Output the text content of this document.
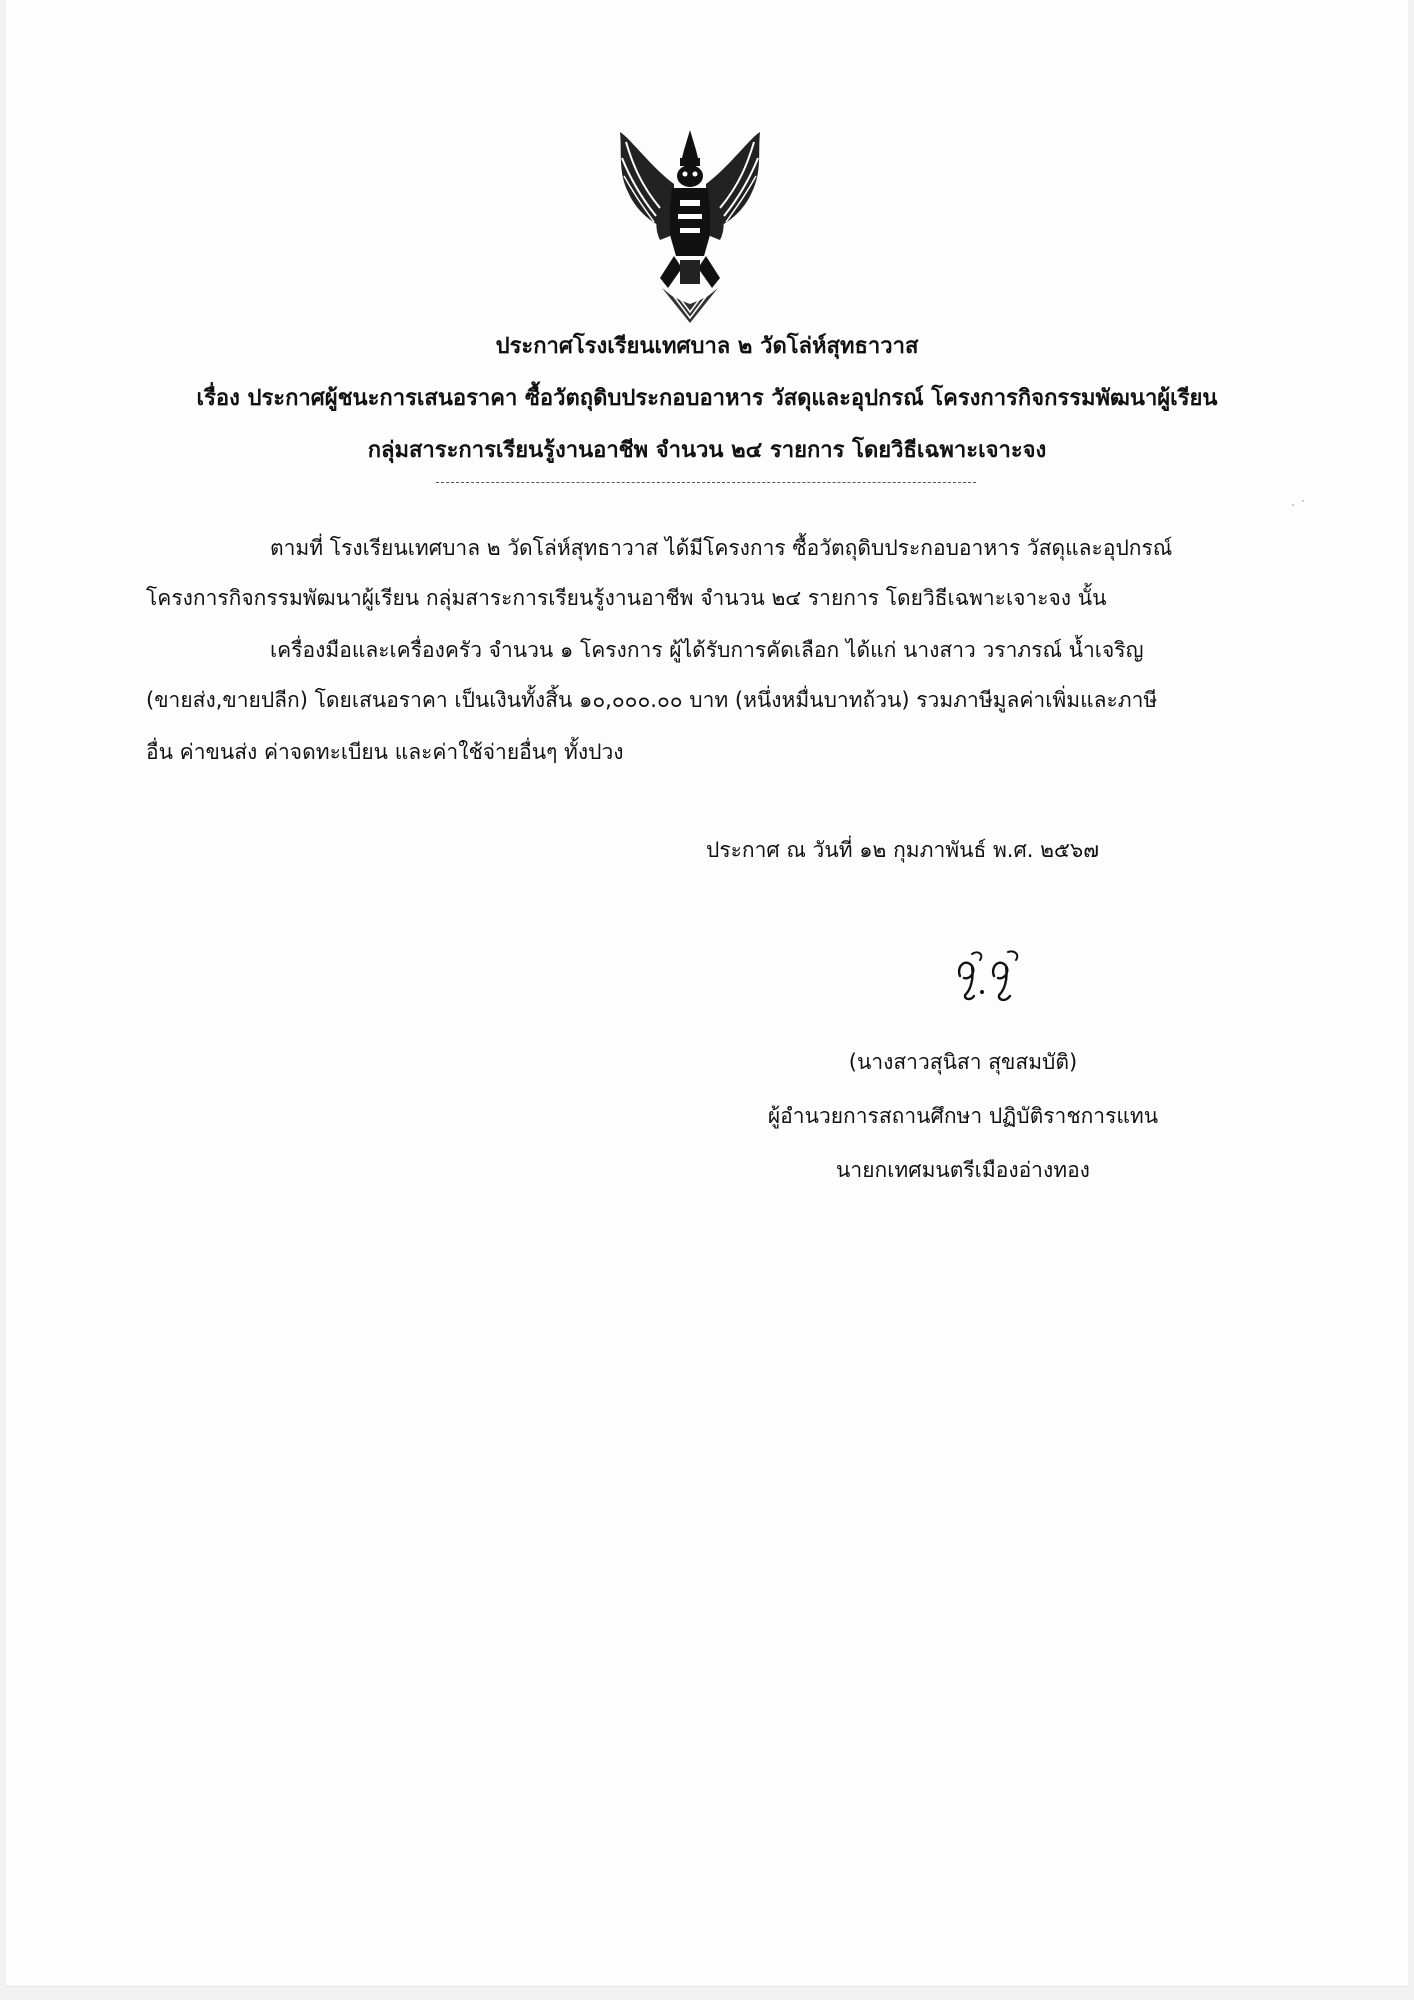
ประกาศโรงเรียนเทศบาล ๒ วัดโล่ห์สุทธาวาส
เรื่อง ประกาศผู้ชนะการเสนอราคา ซื้อวัตถุดิบประกอบอาหาร วัสดุและอุปกรณ์ โครงการกิจกรรมพัฒนาผู้เรียน
กลุ่มสาระการเรียนรู้งานอาชีพ จำนวน ๒๔ รายการ โดยวิธีเฉพาะเจาะจง
ตามที่ โรงเรียนเทศบาล ๒ วัดโล่ห์สุทธาวาส ได้มีโครงการ ซื้อวัตถุดิบประกอบอาหาร วัสดุและอุปกรณ์
โครงการกิจกรรมพัฒนาผู้เรียน กลุ่มสาระการเรียนรู้งานอาชีพ จำนวน ๒๔ รายการ โดยวิธีเฉพาะเจาะจง นั้น
เครื่องมือและเครื่องครัว จำนวน ๑ โครงการ ผู้ได้รับการคัดเลือก ได้แก่ นางสาว วราภรณ์ น้ำเจริญ
(ขายส่ง,ขายปลีก) โดยเสนอราคา เป็นเงินทั้งสิ้น ๑๐,๐๐๐.๐๐ บาท (หนึ่งหมื่นบาทถ้วน) รวมภาษีมูลค่าเพิ่มและภาษี
อื่น ค่าขนส่ง ค่าจดทะเบียน และค่าใช้จ่ายอื่นๆ ทั้งปวง
ประกาศ ณ วันที่ ๑๒ กุมภาพันธ์ พ.ศ. ๒๕๖๗
(นางสาวสุนิสา สุขสมบัติ)
ผู้อำนวยการสถานศึกษา ปฏิบัติราชการแทน
นายกเทศมนตรีเมืองอ่างทอง
